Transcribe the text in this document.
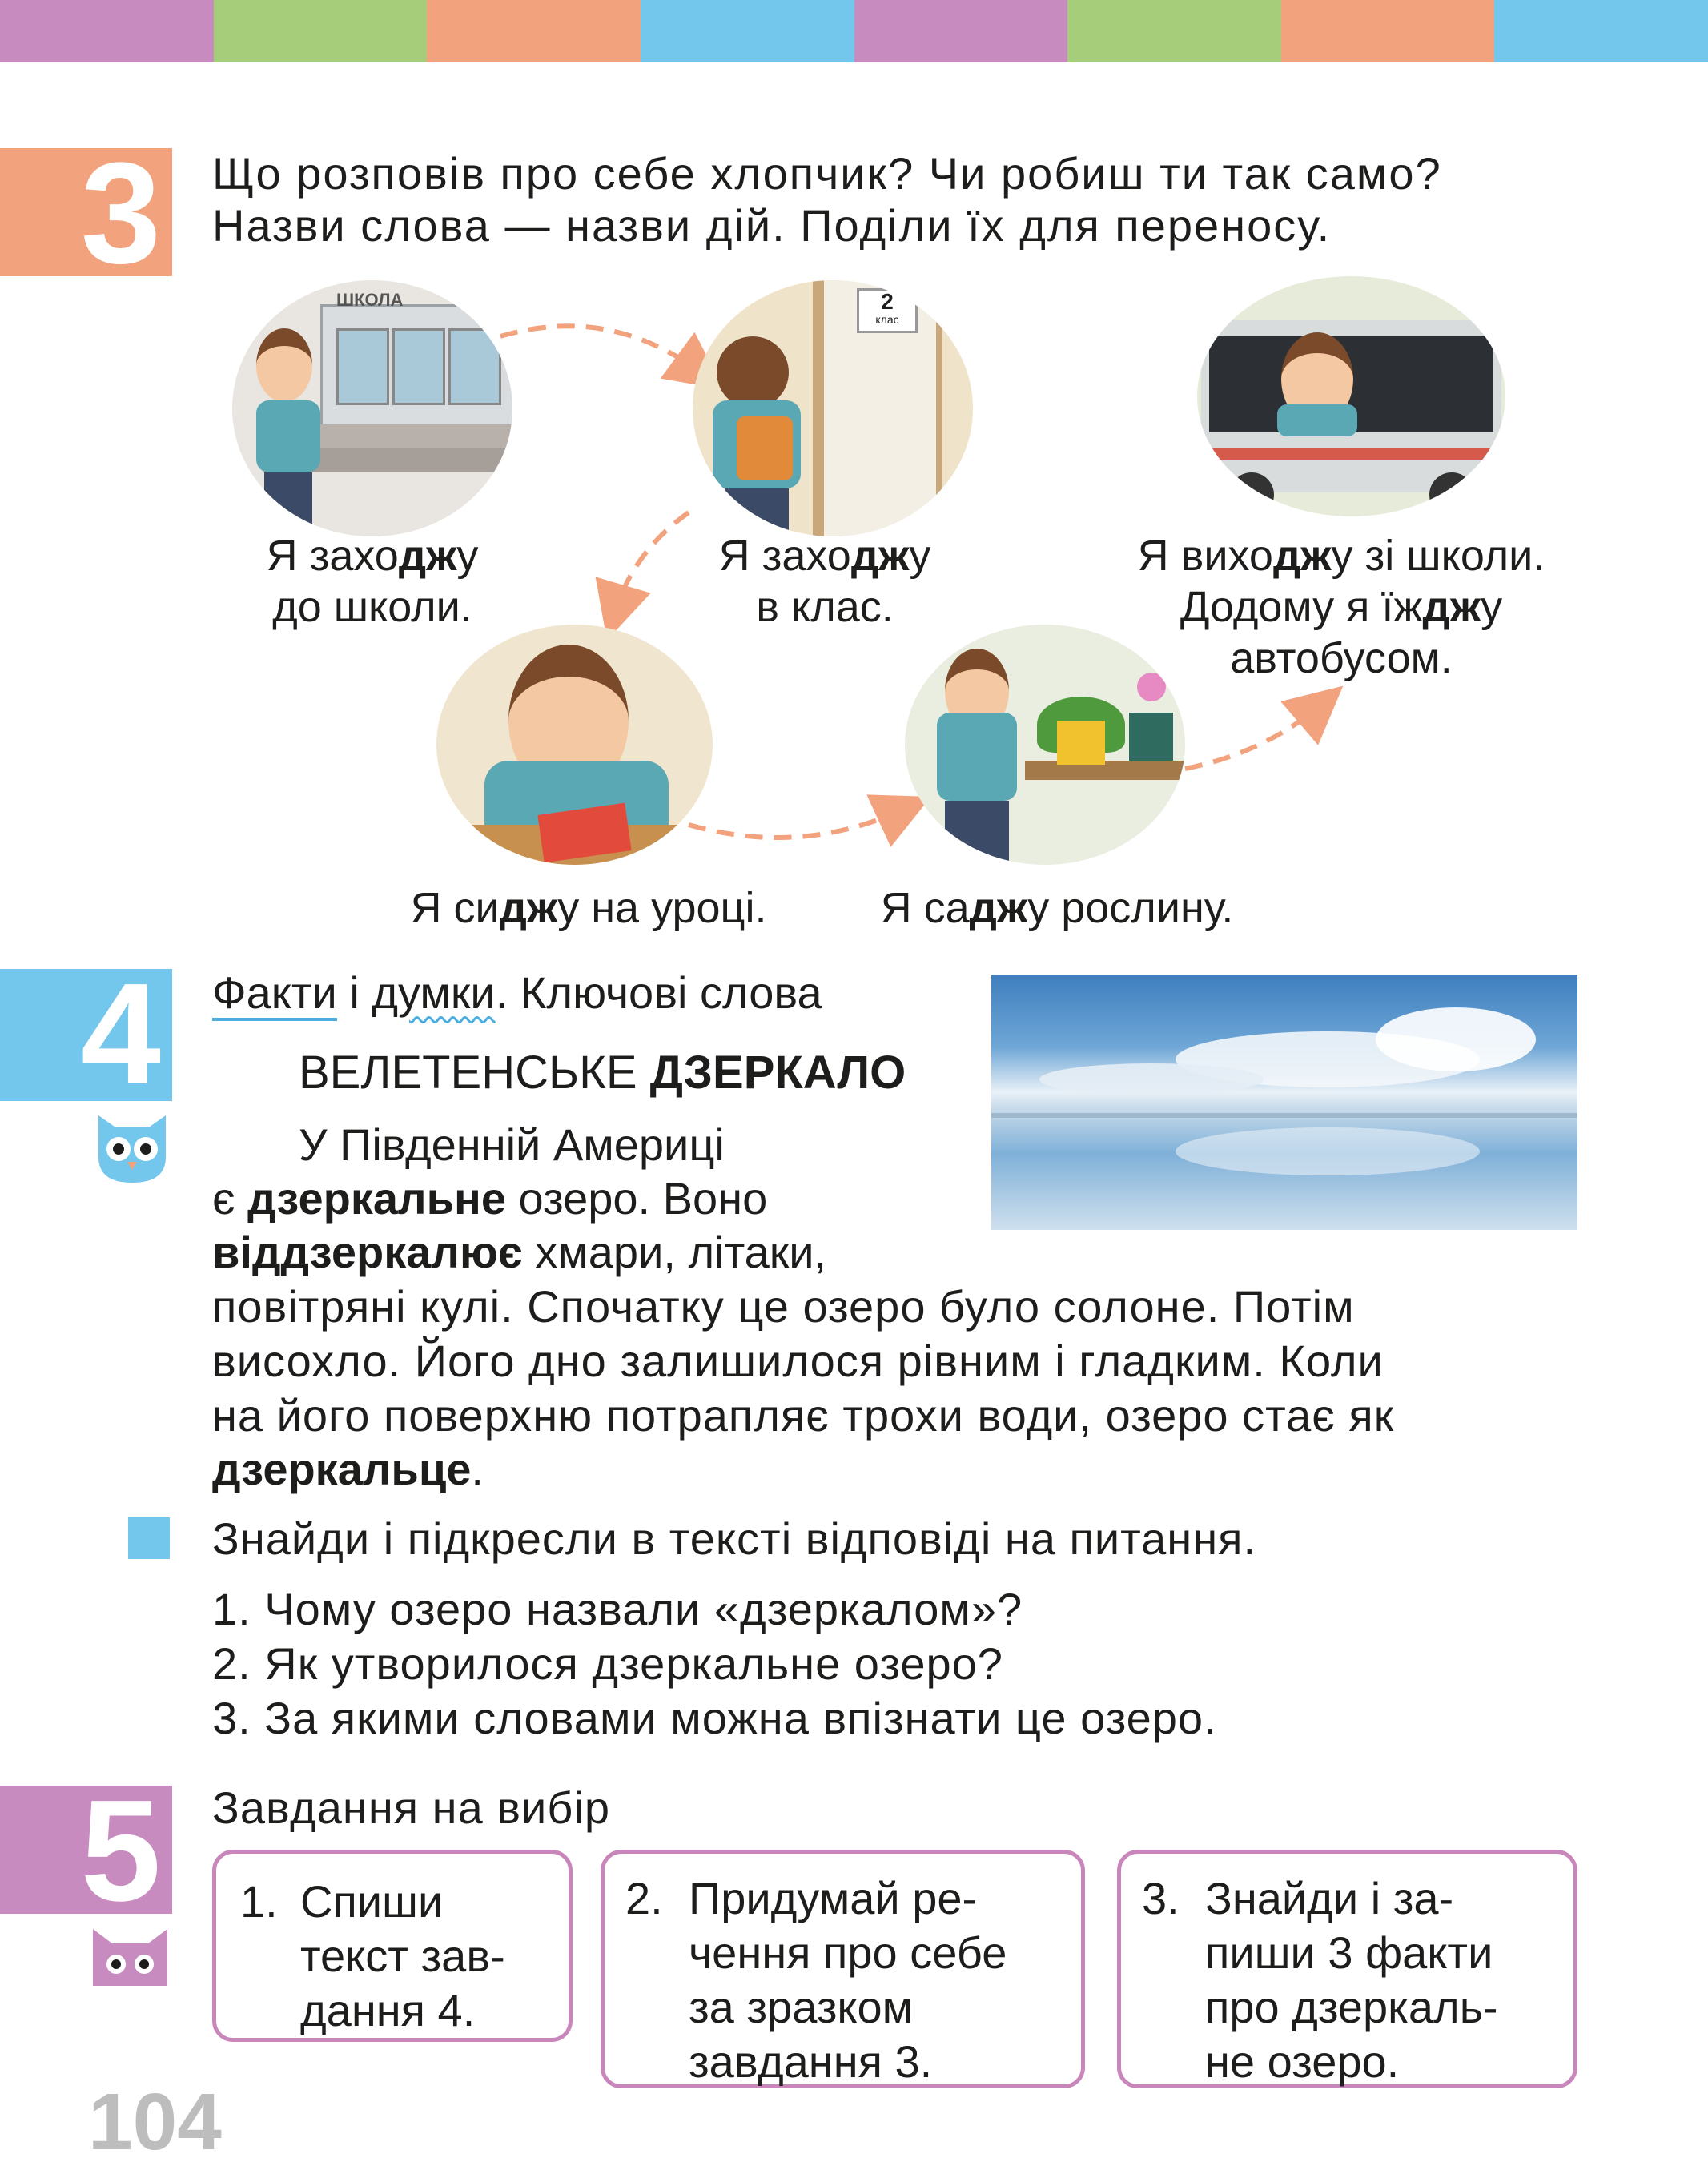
3 Що розповів про себе хлопчик? Чи робиш ти так само?
Назви слова — назви дій. Поділи їх для переносу.
ШКОЛА	2
клас
Я заходжу
до школи.
Я заходжу
в клас.
Я виходжу зі школи.
Додому я їжджу
автобусом.
Я сиджу на уроці.	Я саджу рослину.
4 Факти і думки. Ключові слова
ВЕЛЕТЕНСЬКЕ ДЗЕРКАЛО
У Південній Америці
є дзеркальне озеро. Воно
віддзеркалює хмари, літаки,
повітряні кулі. Спочатку це озеро було солоне. Потім
висохло. Його дно залишилося рівним і гладким. Коли
на його поверхню потрапляє трохи води, озеро стає як
дзеркальце.
Знайди і підкресли в тексті відповіді на питання.
1. Чому озеро назвали «дзеркалом»?
2. Як утворилося дзеркальне озеро?
3. За якими словами можна впізнати це озеро.
5 Завдання на вибір
1. Спиши
текст зав-
дання 4.
2. Придумай ре-
чення про себе
за зразком
завдання 3.
3. Знайди і за-
пиши 3 факти
про дзеркаль-
не озеро.
104
